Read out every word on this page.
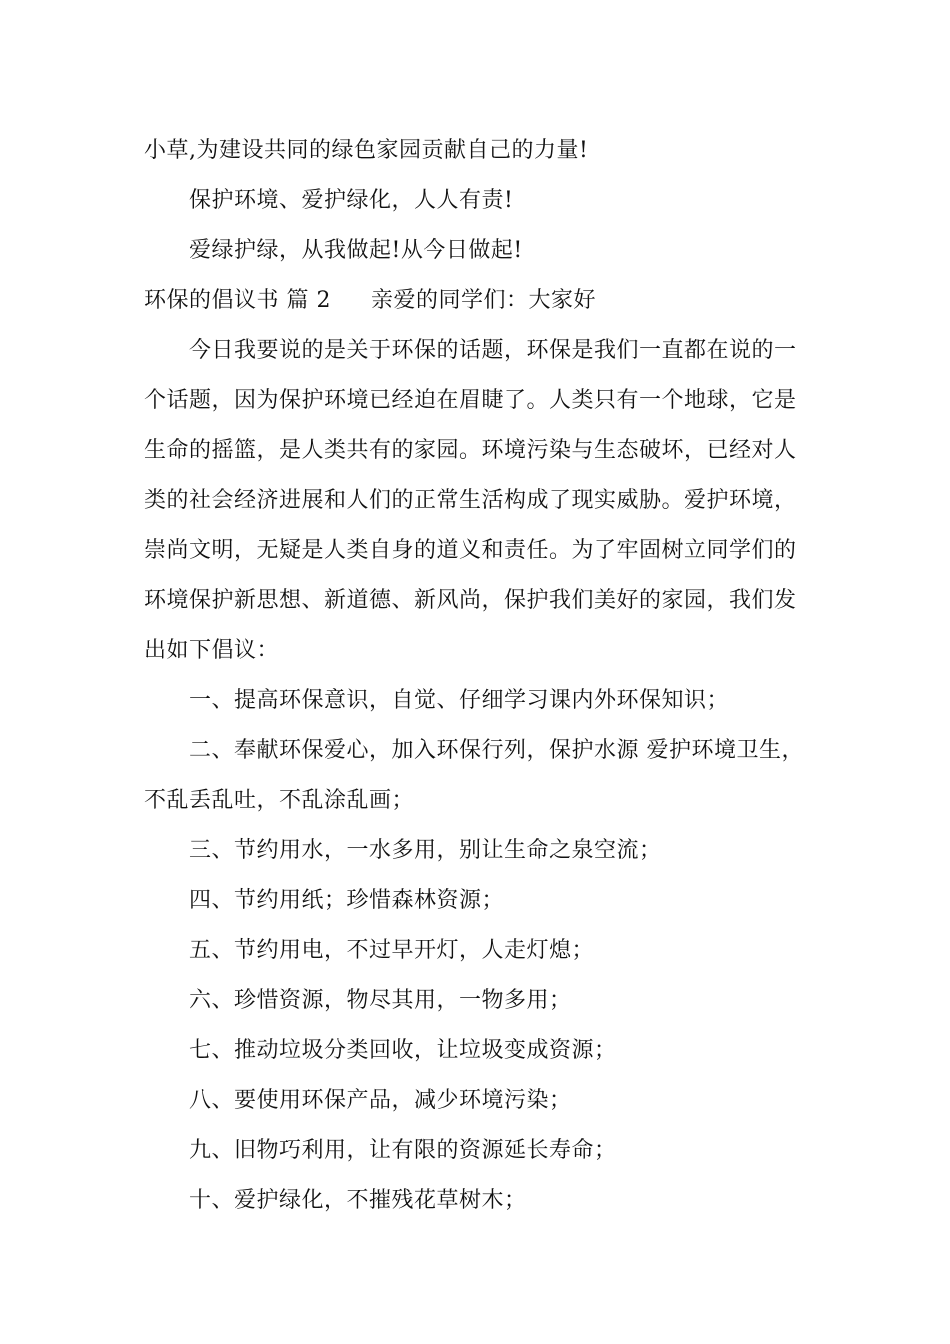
小草,为建设共同的绿色家园贡献自己的力量!
保护环境、爱护绿化，人人有责!
爱绿护绿，从我做起!从今日做起!
环保的倡议书 篇 2 亲爱的同学们：大家好
今日我要说的是关于环保的话题，环保是我们一直都在说的一
个话题，因为保护环境已经迫在眉睫了。人类只有一个地球，它是
生命的摇篮，是人类共有的家园。环境污染与生态破坏，已经对人
类的社会经济进展和人们的正常生活构成了现实威胁。爱护环境，
崇尚文明，无疑是人类自身的道义和责任。为了牢固树立同学们的
环境保护新思想、新道德、新风尚，保护我们美好的家园，我们发
出如下倡议：
一、提高环保意识，自觉、仔细学习课内外环保知识；
二、奉献环保爱心，加入环保行列，保护水源 爱护环境卫生，
不乱丢乱吐，不乱涂乱画；
三、节约用水，一水多用，别让生命之泉空流；
四、节约用纸；珍惜森林资源；
五、节约用电，不过早开灯，人走灯熄；
六、珍惜资源，物尽其用，一物多用；
七、推动垃圾分类回收，让垃圾变成资源；
八、要使用环保产品，减少环境污染；
九、旧物巧利用，让有限的资源延长寿命；
十、爱护绿化，不摧残花草树木；
